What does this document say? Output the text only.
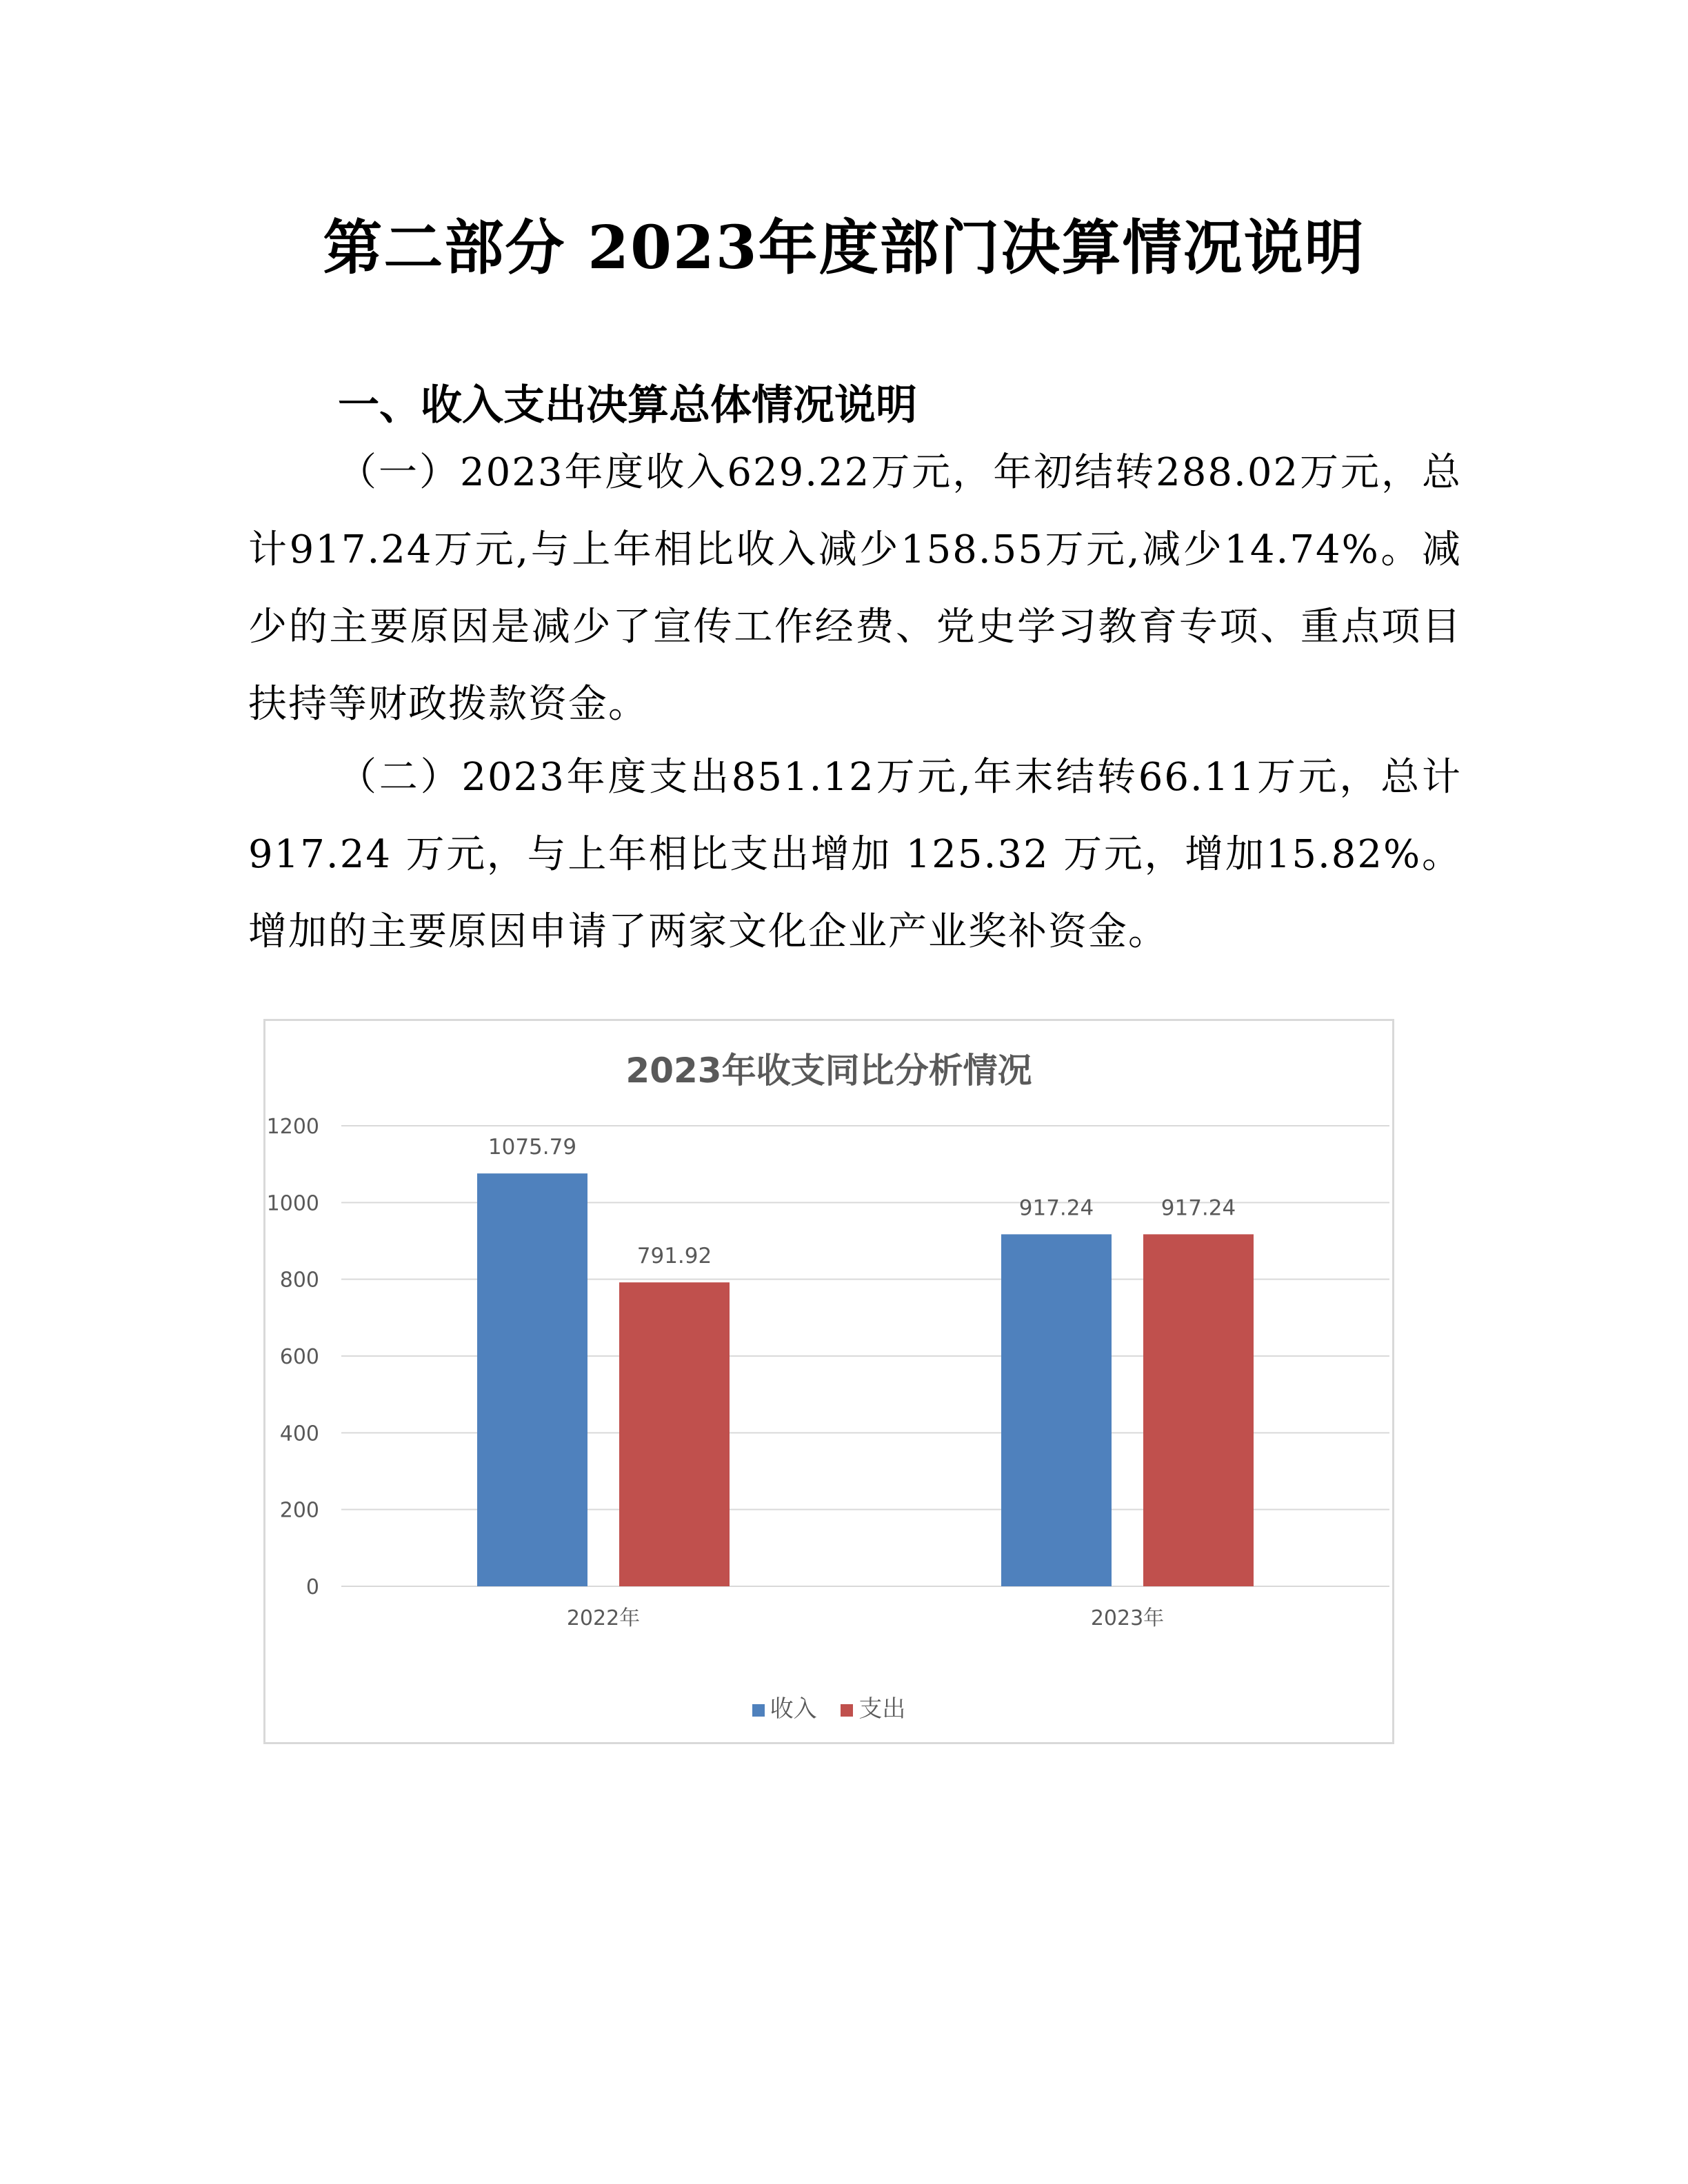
第二部分 2023年度部门决算情况说明
一、收入支出决算总体情况说明

（一）2023年度收入629.22万元，年初结转288.02万元，总计917.24万元,与上年相比收入减少158.55万元,减少14.74%。减少的主要原因是减少了宣传工作经费、党史学习教育专项、重点项目扶持等财政拨款资金。

（二）2023年度支出851.12万元,年末结转66.11万元，总计 917.24 万元，与上年相比支出增加 125.32 万元，增加15.82%。增加的主要原因申请了两家文化企业产业奖补资金。

2023年收支同比分析情况
0
200
400
600
800
1000
1200
1075.79
791.92
2022年
917.24	917.24
2023年
收入 支出
